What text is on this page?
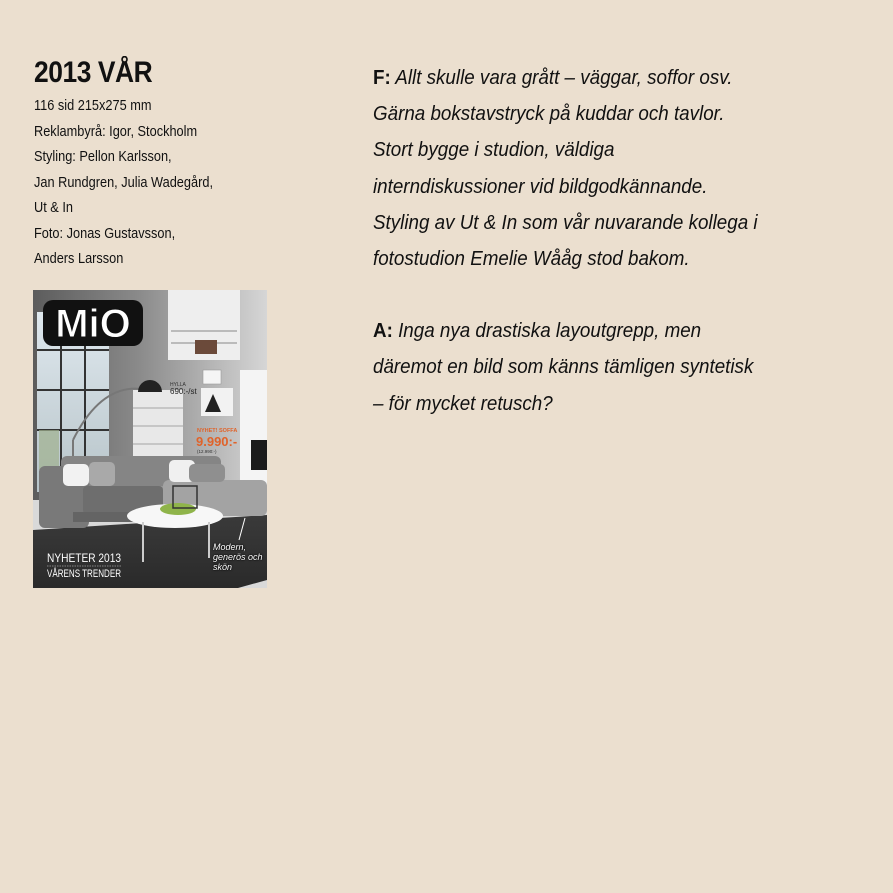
2013 VÅR
116 sid 215x275 mm
Reklambyrå: Igor, Stockholm
Styling: Pellon Karlsson,
Jan Rundgren, Julia Wadegård,
Ut & In
Foto: Jonas Gustavsson,
Anders Larsson
MiO
HYLLA
690:-/st
NYHET! SOFFA
9.990:-
(12.990:-)
NYHETER 2013
VÅRENS TRENDER
Modern, generös och skön

F: Allt skulle vara grått – väggar, soffor osv.

Gärna bokstavstryck på kuddar och tavlor.

Stort bygge i studion, väldiga

interndiskussioner vid bildgodkännande.

Styling av Ut & In som vår nuvarande kollega i

fotostudion Emelie Wååg stod bakom.

A: Inga nya drastiska layoutgrepp, men

däremot en bild som känns tämligen syntetisk

– för mycket retusch?
